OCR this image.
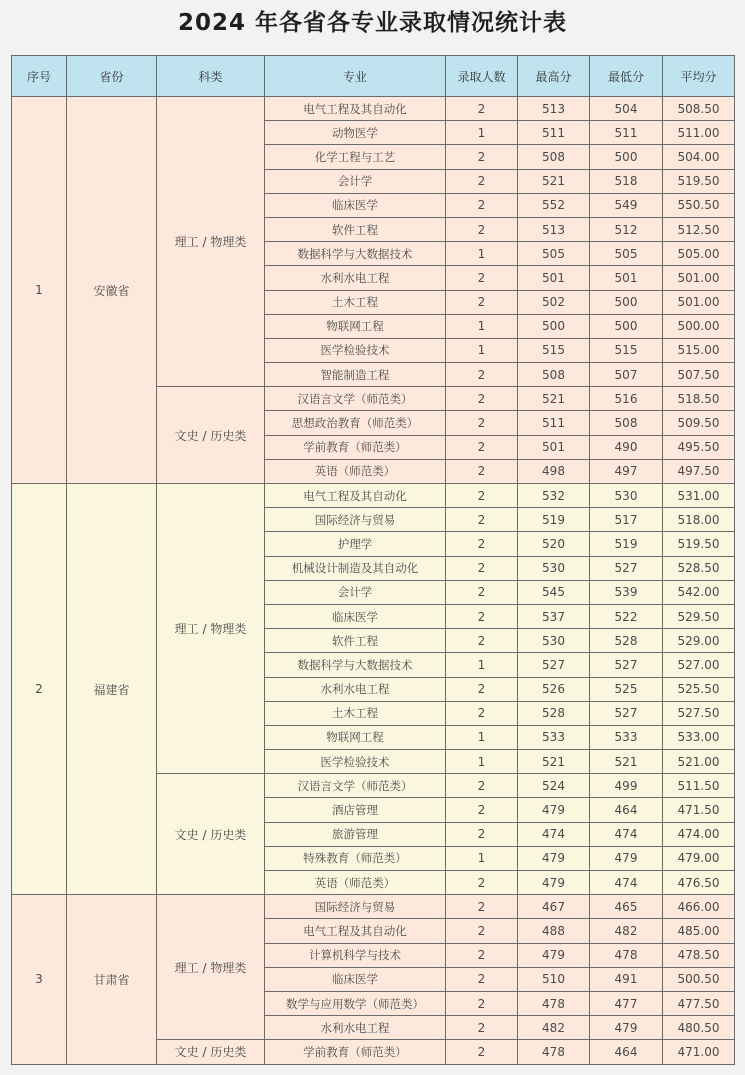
2024 年各省各专业录取情况统计表
序号	省份	科类	专业	录取人数	最高分	最低分	平均分
1	安徽省	理工 / 物理类	电气工程及其自动化	2	513	504	508.50
			动物医学	1	511	511	511.00
			化学工程与工艺	2	508	500	504.00
			会计学	2	521	518	519.50
			临床医学	2	552	549	550.50
			软件工程	2	513	512	512.50
			数据科学与大数据技术	1	505	505	505.00
			水利水电工程	2	501	501	501.00
			土木工程	2	502	500	501.00
			物联网工程	1	500	500	500.00
			医学检验技术	1	515	515	515.00
			智能制造工程	2	508	507	507.50
		文史 / 历史类	汉语言文学（师范类）	2	521	516	518.50
			思想政治教育（师范类）	2	511	508	509.50
			学前教育（师范类）	2	501	490	495.50
			英语（师范类）	2	498	497	497.50
2	福建省	理工 / 物理类	电气工程及其自动化	2	532	530	531.00
			国际经济与贸易	2	519	517	518.00
			护理学	2	520	519	519.50
			机械设计制造及其自动化	2	530	527	528.50
			会计学	2	545	539	542.00
			临床医学	2	537	522	529.50
			软件工程	2	530	528	529.00
			数据科学与大数据技术	1	527	527	527.00
			水利水电工程	2	526	525	525.50
			土木工程	2	528	527	527.50
			物联网工程	1	533	533	533.00
			医学检验技术	1	521	521	521.00
		文史 / 历史类	汉语言文学（师范类）	2	524	499	511.50
			酒店管理	2	479	464	471.50
			旅游管理	2	474	474	474.00
			特殊教育（师范类）	1	479	479	479.00
			英语（师范类）	2	479	474	476.50
3	甘肃省	理工 / 物理类	国际经济与贸易	2	467	465	466.00
			电气工程及其自动化	2	488	482	485.00
			计算机科学与技术	2	479	478	478.50
			临床医学	2	510	491	500.50
			数学与应用数学（师范类）	2	478	477	477.50
			水利水电工程	2	482	479	480.50
		文史 / 历史类	学前教育（师范类）	2	478	464	471.00
